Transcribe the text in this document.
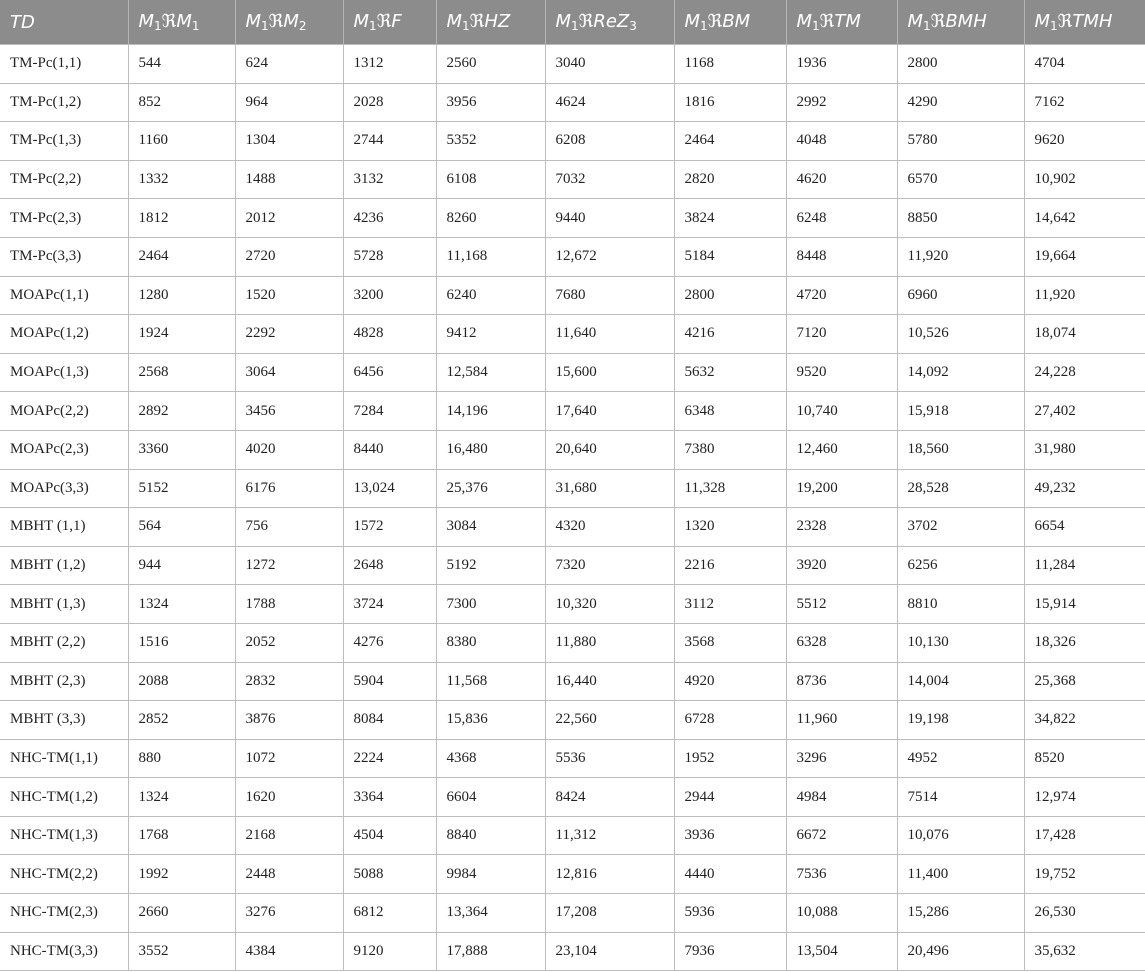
TD	$M_1ℜM_1$	$M_1ℜM_2$	$M_1ℜF$	$M_1ℜHZ$	$M_1ℜReZ_3$	$M_1ℜBM$	$M_1ℜTM$	$M_1ℜBMH$	$M_1ℜTMH$
TM-Pc(1,1)	544	624	1312	2560	3040	1168	1936	2800	4704
TM-Pc(1,2)	852	964	2028	3956	4624	1816	2992	4290	7162
TM-Pc(1,3)	1160	1304	2744	5352	6208	2464	4048	5780	9620
TM-Pc(2,2)	1332	1488	3132	6108	7032	2820	4620	6570	10,902
TM-Pc(2,3)	1812	2012	4236	8260	9440	3824	6248	8850	14,642
TM-Pc(3,3)	2464	2720	5728	11,168	12,672	5184	8448	11,920	19,664
MOAPc(1,1)	1280	1520	3200	6240	7680	2800	4720	6960	11,920
MOAPc(1,2)	1924	2292	4828	9412	11,640	4216	7120	10,526	18,074
MOAPc(1,3)	2568	3064	6456	12,584	15,600	5632	9520	14,092	24,228
MOAPc(2,2)	2892	3456	7284	14,196	17,640	6348	10,740	15,918	27,402
MOAPc(2,3)	3360	4020	8440	16,480	20,640	7380	12,460	18,560	31,980
MOAPc(3,3)	5152	6176	13,024	25,376	31,680	11,328	19,200	28,528	49,232
MBHT (1,1)	564	756	1572	3084	4320	1320	2328	3702	6654
MBHT (1,2)	944	1272	2648	5192	7320	2216	3920	6256	11,284
MBHT (1,3)	1324	1788	3724	7300	10,320	3112	5512	8810	15,914
MBHT (2,2)	1516	2052	4276	8380	11,880	3568	6328	10,130	18,326
MBHT (2,3)	2088	2832	5904	11,568	16,440	4920	8736	14,004	25,368
MBHT (3,3)	2852	3876	8084	15,836	22,560	6728	11,960	19,198	34,822
NHC-TM(1,1)	880	1072	2224	4368	5536	1952	3296	4952	8520
NHC-TM(1,2)	1324	1620	3364	6604	8424	2944	4984	7514	12,974
NHC-TM(1,3)	1768	2168	4504	8840	11,312	3936	6672	10,076	17,428
NHC-TM(2,2)	1992	2448	5088	9984	12,816	4440	7536	11,400	19,752
NHC-TM(2,3)	2660	3276	6812	13,364	17,208	5936	10,088	15,286	26,530
NHC-TM(3,3)	3552	4384	9120	17,888	23,104	7936	13,504	20,496	35,632
